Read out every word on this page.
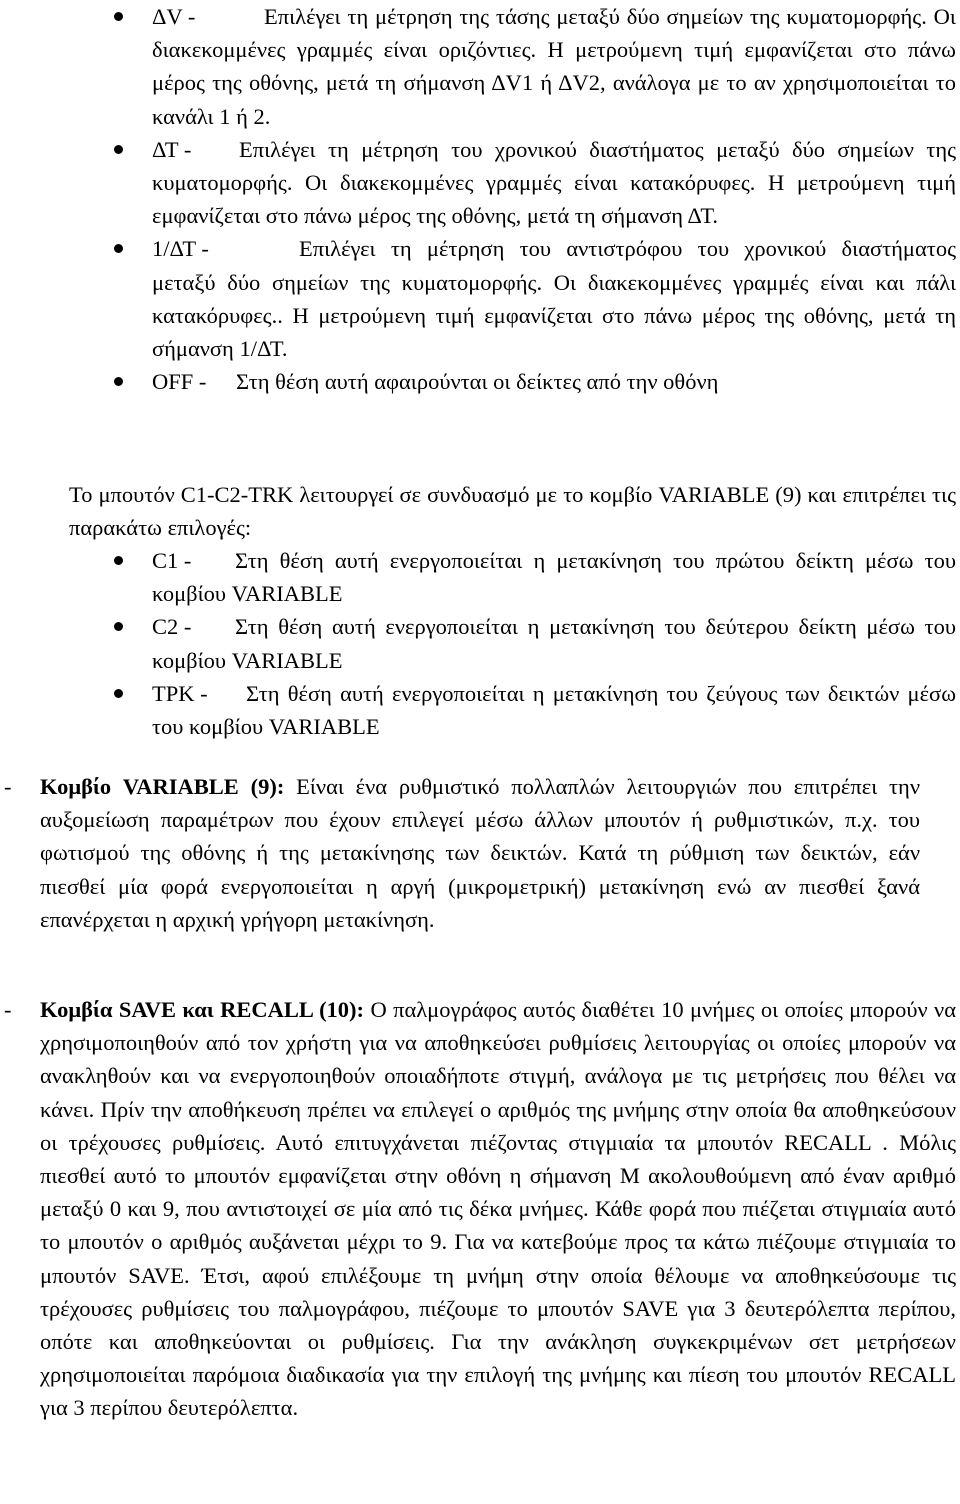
ΔV -	Επιλέγει τη μέτρηση της τάσης μεταξύ δύο σημείων της κυματομορφής. Οι διακεκομμένες γραμμές είναι οριζόντιες. Η μετρούμενη τιμή εμφανίζεται στο πάνω μέρος της οθόνης, μετά τη σήμανση ΔV1 ή ΔV2, ανάλογα με το αν χρησιμοποιείται το κανάλι 1 ή 2.
ΔΤ - Επιλέγει τη μέτρηση του χρονικού διαστήματος μεταξύ δύο σημείων της κυματομορφής. Οι διακεκομμένες γραμμές είναι κατακόρυφες. Η μετρούμενη τιμή εμφανίζεται στο πάνω μέρος της οθόνης, μετά τη σήμανση ΔΤ.
1/ΔΤ -	Επιλέγει τη μέτρηση του αντιστρόφου του χρονικού διαστήματος μεταξύ δύο σημείων της κυματομορφής. Οι διακεκομμένες γραμμές είναι και πάλι κατακόρυφες.. Η μετρούμενη τιμή εμφανίζεται στο πάνω μέρος της οθόνης, μετά τη σήμανση 1/ΔΤ.
OFF - Στη θέση αυτή αφαιρούνται οι δείκτες από την οθόνη

Το μπουτόν C1-C2-TRK λειτουργεί σε συνδυασμό με το κομβίο VARIABLE (9) και επιτρέπει τις παρακάτω επιλογές:

C1 - Στη θέση αυτή ενεργοποιείται η μετακίνηση του πρώτου δείκτη μέσω του κομβίου VARIABLE
C2 - Στη θέση αυτή ενεργοποιείται η μετακίνηση του δεύτερου δείκτη μέσω του κομβίου VARIABLE
TPK - Στη θέση αυτή ενεργοποιείται η μετακίνηση του ζεύγους των δεικτών μέσω του κομβίου VARIABLE
- Κομβίο VARIABLE (9): Είναι ένα ρυθμιστικό πολλαπλών λειτουργιών που επιτρέπει την αυξομείωση παραμέτρων που έχουν επιλεγεί μέσω άλλων μπουτόν ή ρυθμιστικών, π.χ. του φωτισμού της οθόνης ή της μετακίνησης των δεικτών. Κατά τη ρύθμιση των δεικτών, εάν πιεσθεί μία φορά ενεργοποιείται η αργή (μικρομετρική) μετακίνηση ενώ αν πιεσθεί ξανά επανέρχεται η αρχική γρήγορη μετακίνηση.
- Κομβία SAVE και RECALL (10): Ο παλμογράφος αυτός διαθέτει 10 μνήμες οι οποίες μπορούν να χρησιμοποιηθούν από τον χρήστη για να αποθηκεύσει ρυθμίσεις λειτουργίας οι οποίες μπορούν να ανακληθούν και να ενεργοποιηθούν οποιαδήποτε στιγμή, ανάλογα με τις μετρήσεις που θέλει να κάνει. Πρίν την αποθήκευση πρέπει να επιλεγεί ο αριθμός της μνήμης στην οποία θα αποθηκεύσουν οι τρέχουσες ρυθμίσεις. Αυτό επιτυγχάνεται πιέζοντας στιγμιαία τα μπουτόν RECALL . Μόλις πιεσθεί αυτό το μπουτόν εμφανίζεται στην οθόνη η σήμανση Μ ακολουθούμενη από έναν αριθμό μεταξύ 0 και 9, που αντιστοιχεί σε μία από τις δέκα μνήμες. Κάθε φορά που πιέζεται στιγμιαία αυτό το μπουτόν ο αριθμός αυξάνεται μέχρι το 9. Για να κατεβούμε προς τα κάτω πιέζουμε στιγμιαία το μπουτόν SAVE. Έτσι, αφού επιλέξουμε τη μνήμη στην οποία θέλουμε να αποθηκεύσουμε τις τρέχουσες ρυθμίσεις του παλμογράφου, πιέζουμε το μπουτόν SAVE για 3 δευτερόλεπτα περίπου, οπότε και αποθηκεύονται οι ρυθμίσεις. Για την ανάκληση συγκεκριμένων σετ μετρήσεων χρησιμοποιείται παρόμοια διαδικασία για την επιλογή της μνήμης και πίεση του μπουτόν RECALL για 3 περίπου δευτερόλεπτα.
